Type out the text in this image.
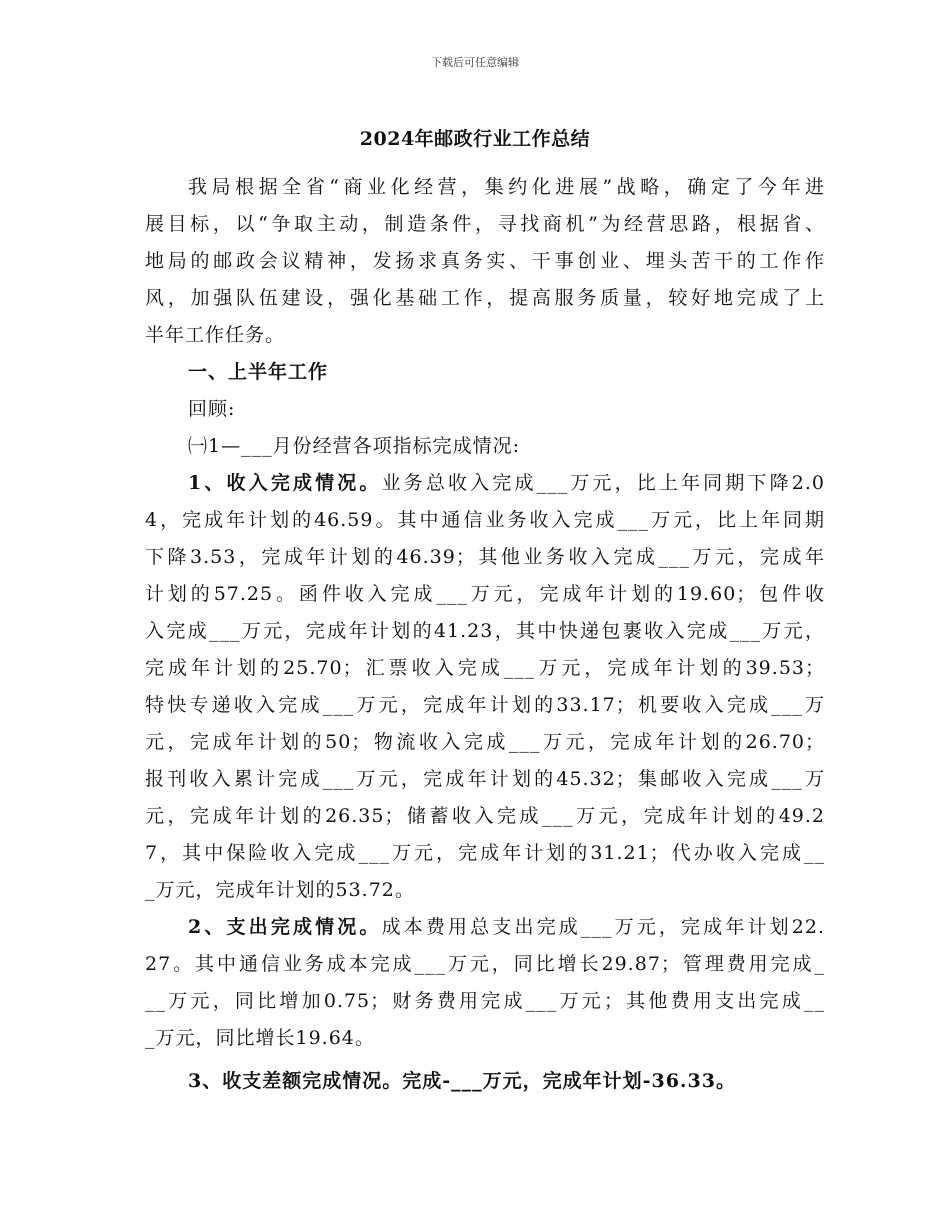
下载后可任意编辑
2024年邮政行业工作总结
我局根据全省“商业化经营，集约化进展”战略，确定了今年进
展目标，以“争取主动，制造条件，寻找商机”为经营思路，根据省、
地局的邮政会议精神，发扬求真务实、干事创业、埋头苦干的工作作
风，加强队伍建设，强化基础工作，提高服务质量，较好地完成了上
半年工作任务。
一、上半年工作
回顾:
㈠1—___月份经营各项指标完成情况:
1、收入完成情况。业务总收入完成___万元，比上年同期下降2.0
4，完成年计划的46.59。其中通信业务收入完成___万元，比上年同期
下降3.53，完成年计划的46.39；其他业务收入完成___万元，完成年
计划的57.25。函件收入完成___万元，完成年计划的19.60；包件收
入完成___万元，完成年计划的41.23，其中快递包裹收入完成___万元，
完成年计划的25.70；汇票收入完成___万元，完成年计划的39.53；
特快专递收入完成___万元，完成年计划的33.17；机要收入完成___万
元，完成年计划的50；物流收入完成___万元，完成年计划的26.70；
报刊收入累计完成___万元，完成年计划的45.32；集邮收入完成___万
元，完成年计划的26.35；储蓄收入完成___万元，完成年计划的49.2
7，其中保险收入完成___万元，完成年计划的31.21；代办收入完成__
_万元，完成年计划的53.72。
2、支出完成情况。成本费用总支出完成___万元，完成年计划22.
27。其中通信业务成本完成___万元，同比增长29.87；管理费用完成_
__万元，同比增加0.75；财务费用完成___万元；其他费用支出完成__
_万元，同比增长19.64。
3、收支差额完成情况。完成-___万元，完成年计划-36.33。
